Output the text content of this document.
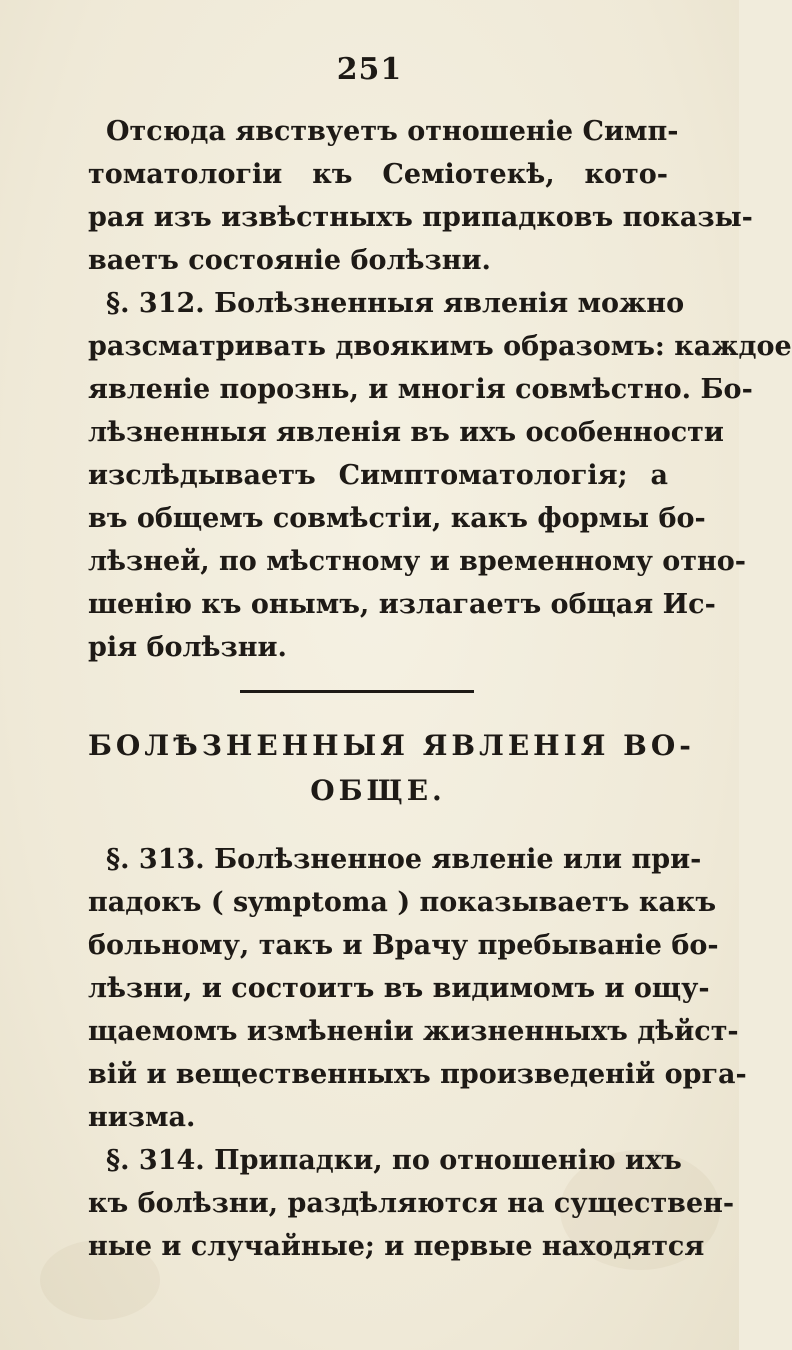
251
Отсюда явствуетъ отношеніе Симп-
томатологіи къ Семіотекѣ, кото-
рая изъ извѣстныхъ припадковъ показы-
ваетъ состояніе болѣзни.
§. 312. Болѣзненныя явленія можно
разсматривать двоякимъ образомъ: каждое
явленіе порознь, и многія совмѣстно. Бо-
лѣзненныя явленія въ ихъ особенности
изслѣдываетъ Симптоматологія; а
въ общемъ совмѣстіи, какъ формы бо-
лѣзней, по мѣстному и временному отно-
шенію къ онымъ, излагаетъ общая Ис-
рія болѣзни.
БОЛѢЗНЕННЫЯ ЯВЛЕНІЯ ВО-
ОБЩЕ.
§. 313. Болѣзненное явленіе или при-
падокъ ( symptoma ) показываетъ какъ
больному, такъ и Врачу пребываніе бо-
лѣзни, и состоитъ въ видимомъ и ощу-
щаемомъ измѣненіи жизненныхъ дѣйст-
вій и вещественныхъ произведеній орга-
низма.
§. 314. Припадки, по отношенію ихъ
къ болѣзни, раздѣляются на существен-
ные и случайные; и первые находятся
